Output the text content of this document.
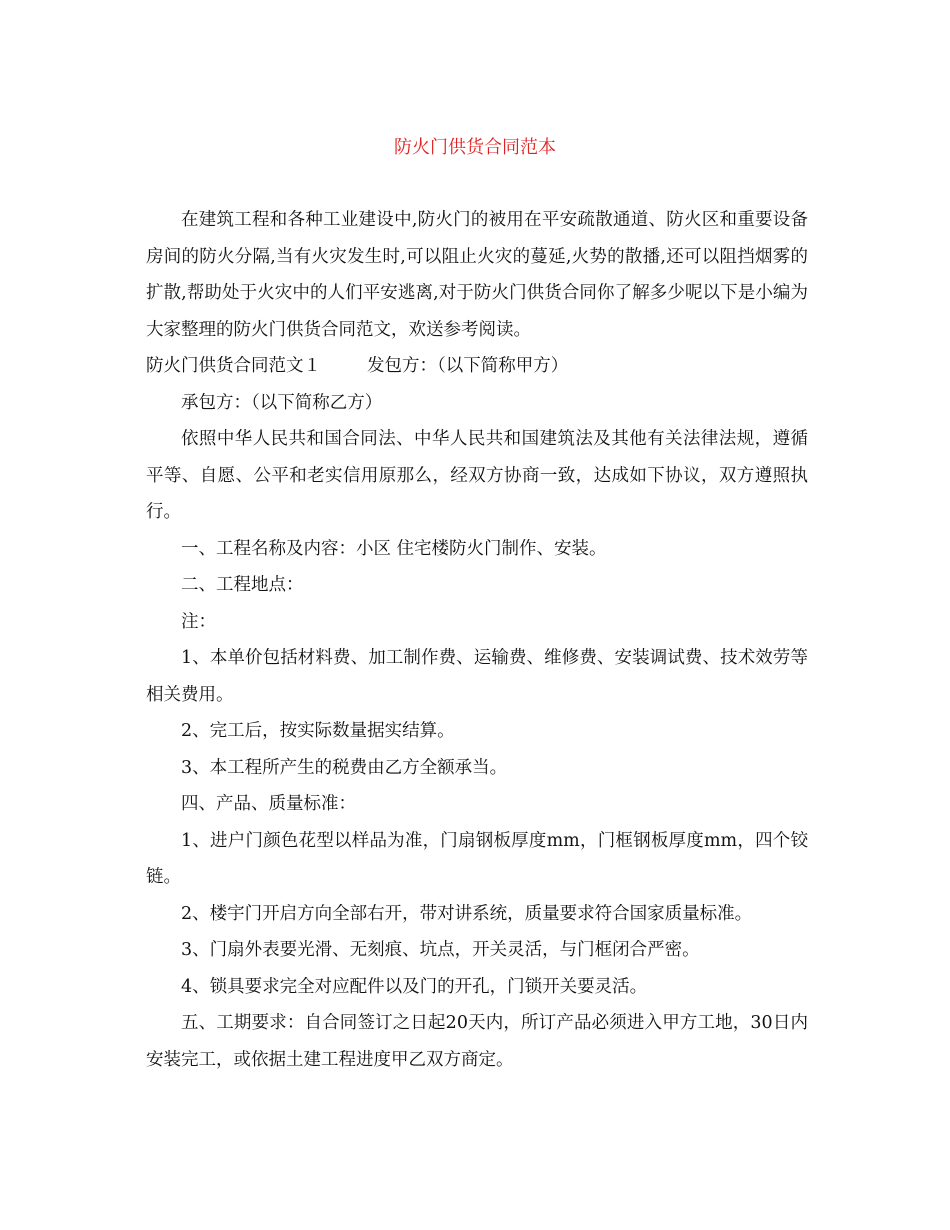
防火门供货合同范本

在建筑工程和各种工业建设中,防火门的被用在平安疏散通道、防火区和重要设备房间的防火分隔,当有火灾发生时,可以阻止火灾的蔓延,火势的散播,还可以阻挡烟雾的扩散,帮助处于火灾中的人们平安逃离,对于防火门供货合同你了解多少呢以下是小编为大家整理的防火门供货合同范文，欢送参考阅读。

防火门供货合同范文１	发包方：（以下简称甲方）

承包方：（以下简称乙方）

依照中华人民共和国合同法、中华人民共和国建筑法及其他有关法律法规，遵循平等、自愿、公平和老实信用原那么，经双方协商一致，达成如下协议，双方遵照执行。

一、工程名称及内容：小区 住宅楼防火门制作、安装。

二、工程地点：

注：

1、本单价包括材料费、加工制作费、运输费、维修费、安装调试费、技术效劳等相关费用。

2、完工后，按实际数量据实结算。

3、本工程所产生的税费由乙方全额承当。

四、产品、质量标准：

1、进户门颜色花型以样品为准，门扇钢板厚度mm，门框钢板厚度mm，四个铰链。

2、楼宇门开启方向全部右开，带对讲系统，质量要求符合国家质量标准。

3、门扇外表要光滑、无刻痕、坑点，开关灵活，与门框闭合严密。

4、锁具要求完全对应配件以及门的开孔，门锁开关要灵活。

五、工期要求：自合同签订之日起20天内，所订产品必须进入甲方工地，30日内安装完工，或依据土建工程进度甲乙双方商定。
